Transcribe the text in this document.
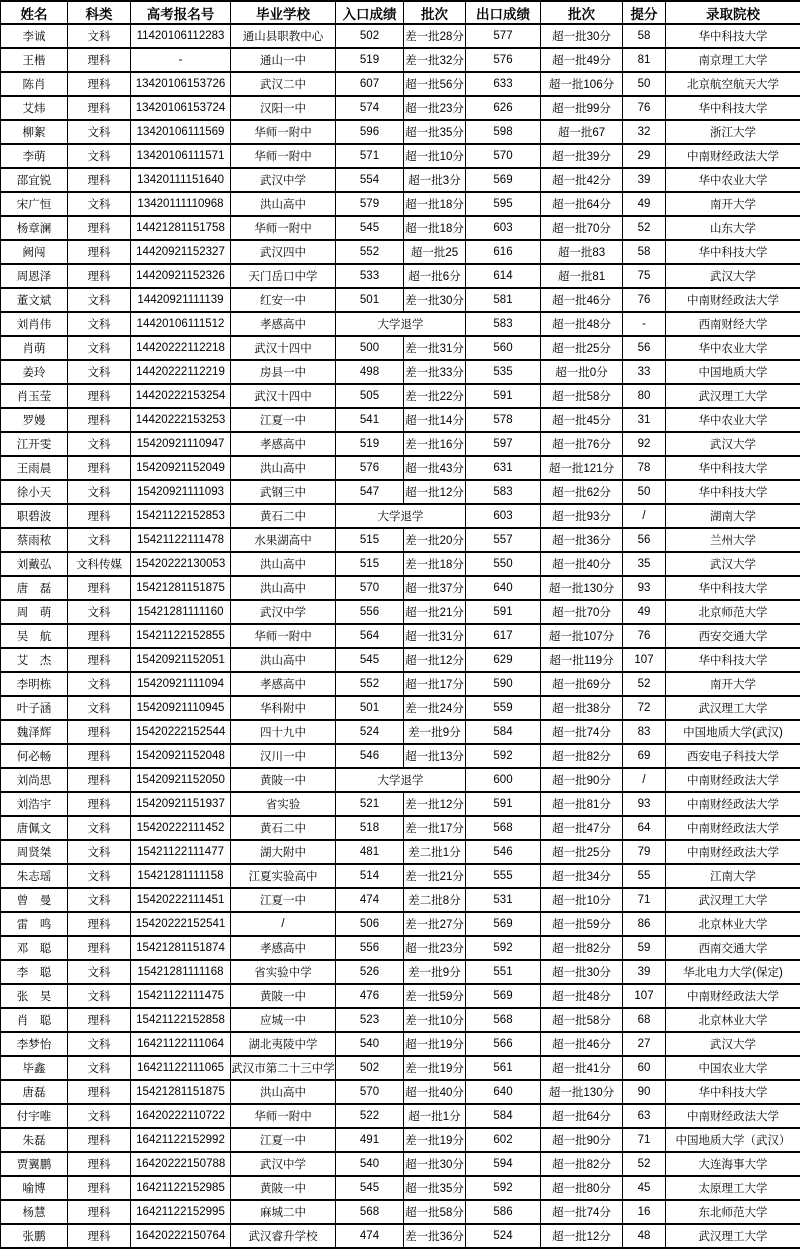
姓名	科类	高考报名号	毕业学校	入口成绩	批次	出口成绩	批次	提分	录取院校
李诚	文科	11420106112283	通山县职教中心	502	差一批28分	577	超一批30分	58	华中科技大学
王楷	理科	-	通山一中	519	差一批32分	576	超一批49分	81	南京理工大学
陈肖	理科	13420106153726	武汉二中	607	超一批56分	633	超一批106分	50	北京航空航天大学
艾炜	理科	13420106153724	汉阳一中	574	超一批23分	626	超一批99分	76	华中科技大学
柳絮	文科	13420106111569	华师一附中	596	超一批35分	598	超一批67	32	浙江大学
李萌	文科	13420106111571	华师一附中	571	超一批10分	570	超一批39分	29	中南财经政法大学
邵宜锐	理科	13420111151640	武汉中学	554	超一批3分	569	超一批42分	39	华中农业大学
宋广恒	文科	13420111110968	洪山高中	579	超一批18分	595	超一批64分	49	南开大学
杨章澜	理科	14421281151758	华师一附中	545	超一批18分	603	超一批70分	52	山东大学
阙闯	理科	14420921152327	武汉四中	552	超一批25	616	超一批83	58	华中科技大学
周恩泽	理科	14420921152326	天门岳口中学	533	超一批6分	614	超一批81	75	武汉大学
董文斌	文科	14420921111139	红安一中	501	差一批30分	581	超一批46分	76	中南财经政法大学
刘肖伟	文科	14420106111512	孝感高中	大学退学		583	超一批48分	-	西南财经大学
肖萌	文科	14420222112218	武汉十四中	500	差一批31分	560	超一批25分	56	华中农业大学
姜玲	文科	14420222112219	房县一中	498	差一批33分	535	超一批0分	33	中国地质大学
肖玉莹	理科	14420222153254	武汉十四中	505	差一批22分	591	超一批58分	80	武汉理工大学
罗嫚	理科	14420222153253	江夏一中	541	超一批14分	578	超一批45分	31	华中农业大学
江开雯	文科	15420921110947	孝感高中	519	差一批16分	597	超一批76分	92	武汉大学
王雨晨	理科	15420921152049	洪山高中	576	超一批43分	631	超一批121分	78	华中科技大学
徐小天	文科	15420921111093	武钢三中	547	超一批12分	583	超一批62分	50	华中科技大学
职碧波	理科	15421122152853	黄石二中	大学退学		603	超一批93分	/	湖南大学
蔡雨秾	文科	15421122111478	水果湖高中	515	差一批20分	557	超一批36分	56	兰州大学
刘戴弘	文科传媒	15420222130053	洪山高中	515	差一批18分	550	超一批40分	35	武汉大学
唐　磊	理科	15421281151875	洪山高中	570	超一批37分	640	超一批130分	93	华中科技大学
周　萌	文科	15421281111160	武汉中学	556	超一批21分	591	超一批70分	49	北京师范大学
吴　航	理科	15421122152855	华师一附中	564	超一批31分	617	超一批107分	76	西安交通大学
艾　杰	理科	15420921152051	洪山高中	545	超一批12分	629	超一批119分	107	华中科技大学
李明栋	文科	15420921111094	孝感高中	552	超一批17分	590	超一批69分	52	南开大学
叶子涵	文科	15420921110945	华科附中	501	差一批24分	559	超一批38分	72	武汉理工大学
魏泽辉	理科	15420222152544	四十九中	524	差一批9分	584	超一批74分	83	中国地质大学(武汉)
何必畅	理科	15420921152048	汉川一中	546	超一批13分	592	超一批82分	69	西安电子科技大学
刘尚思	理科	15420921152050	黄陂一中	大学退学		600	超一批90分	/	中南财经政法大学
刘浩宇	理科	15420921151937	省实验	521	差一批12分	591	超一批81分	93	中南财经政法大学
唐佩文	文科	15420222111452	黄石二中	518	差一批17分	568	超一批47分	64	中南财经政法大学
周贤桀	文科	15421122111477	湖大附中	481	差二批1分	546	超一批25分	79	中南财经政法大学
朱志瑶	文科	15421281111158	江夏实验高中	514	差一批21分	555	超一批34分	55	江南大学
曾　曼	文科	15420222111451	江夏一中	474	差二批8分	531	超一批10分	71	武汉理工大学
雷　鸣	理科	15420222152541	/	506	差一批27分	569	超一批59分	86	北京林业大学
邓　聪	理科	15421281151874	孝感高中	556	超一批23分	592	超一批82分	59	西南交通大学
李　聪	文科	15421281111168	省实验中学	526	差一批9分	551	超一批30分	39	华北电力大学(保定)
张　昊	文科	15421122111475	黄陂一中	476	差一批59分	569	超一批48分	107	中南财经政法大学
肖　聪	理科	15421122152858	应城一中	523	差一批10分	568	超一批58分	68	北京林业大学
李梦怡	文科	16421122111064	湖北夷陵中学	540	超一批19分	566	超一批46分	27	武汉大学
毕鑫	文科	16421122111065	武汉市第二十三中学	502	差一批19分	561	超一批41分	60	中国农业大学
唐磊	理科	15421281151875	洪山高中	570	超一批40分	640	超一批130分	90	华中科技大学
付宇唯	文科	16420222110722	华师一附中	522	超一批1分	584	超一批64分	63	中南财经政法大学
朱磊	理科	16421122152992	江夏一中	491	差一批19分	602	超一批90分	71	中国地质大学（武汉）
贾翼鹏	理科	16420222150788	武汉中学	540	超一批30分	594	超一批82分	52	大连海事大学
喻博	理科	16421122152985	黄陂一中	545	超一批35分	592	超一批80分	45	太原理工大学
杨慧	理科	16421122152995	麻城二中	568	超一批58分	586	超一批74分	16	东北师范大学
张鹏	理科	16420222150764	武汉睿升学校	474	差一批36分	524	超一批12分	48	武汉理工大学
